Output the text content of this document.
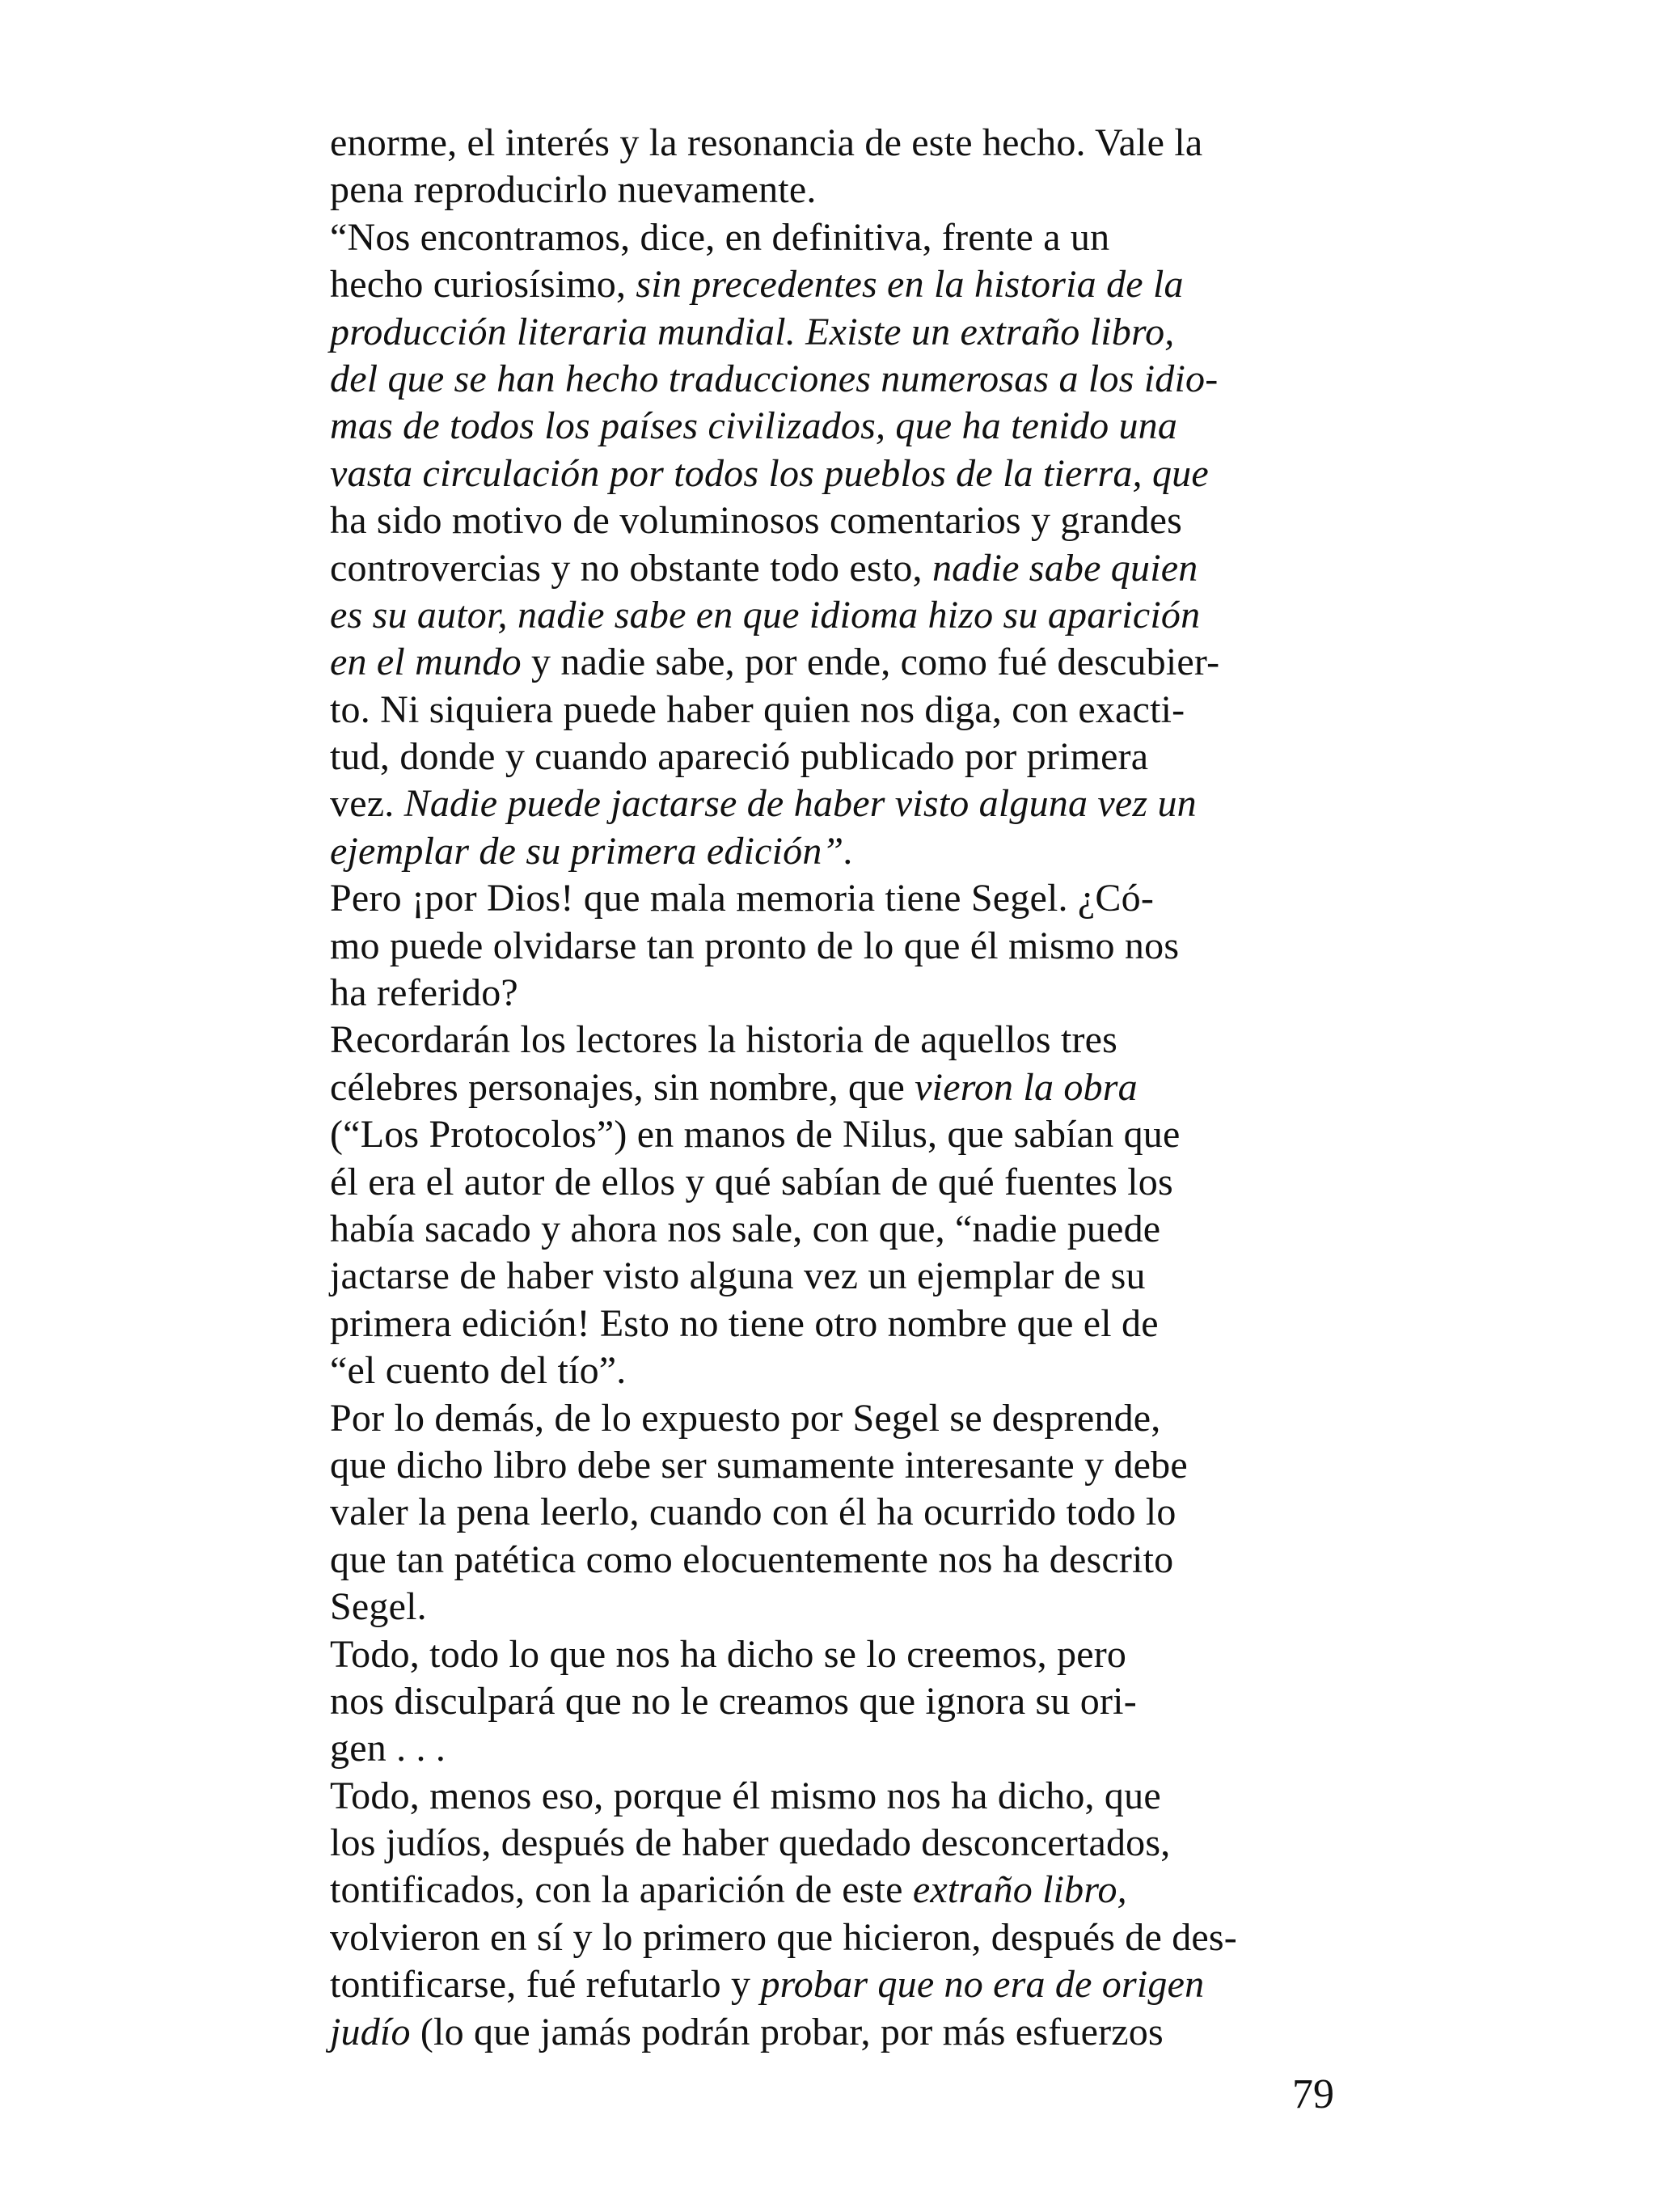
enorme, el interés y la resonancia de este hecho. Vale la
pena reproducirlo nuevamente.
“Nos encontramos, dice, en definitiva, frente a un
hecho curiosísimo, sin precedentes en la historia de la
producción literaria mundial. Existe un extraño libro,
del que se han hecho traducciones numerosas a los idio-
mas de todos los países civilizados, que ha tenido una
vasta circulación por todos los pueblos de la tierra, que
ha sido motivo de voluminosos comentarios y grandes
controvercias y no obstante todo esto, nadie sabe quien
es su autor, nadie sabe en que idioma hizo su aparición
en el mundo y nadie sabe, por ende, como fué descubier-
to. Ni siquiera puede haber quien nos diga, con exacti-
tud, donde y cuando apareció publicado por primera
vez. Nadie puede jactarse de haber visto alguna vez un
ejemplar de su primera edición”.
Pero ¡por Dios! que mala memoria tiene Segel. ¿Có-
mo puede olvidarse tan pronto de lo que él mismo nos
ha referido?
Recordarán los lectores la historia de aquellos tres
célebres personajes, sin nombre, que vieron la obra
(“Los Protocolos”) en manos de Nilus, que sabían que
él era el autor de ellos y qué sabían de qué fuentes los
había sacado y ahora nos sale, con que, “nadie puede
jactarse de haber visto alguna vez un ejemplar de su
primera edición! Esto no tiene otro nombre que el de
“el cuento del tío”.
Por lo demás, de lo expuesto por Segel se desprende,
que dicho libro debe ser sumamente interesante y debe
valer la pena leerlo, cuando con él ha ocurrido todo lo
que tan patética como elocuentemente nos ha descrito
Segel.
Todo, todo lo que nos ha dicho se lo creemos, pero
nos disculpará que no le creamos que ignora su ori-
gen . . .
Todo, menos eso, porque él mismo nos ha dicho, que
los judíos, después de haber quedado desconcertados,
tontificados, con la aparición de este extraño libro,
volvieron en sí y lo primero que hicieron, después de des-
tontificarse, fué refutarlo y probar que no era de origen
judío (lo que jamás podrán probar, por más esfuerzos
79
